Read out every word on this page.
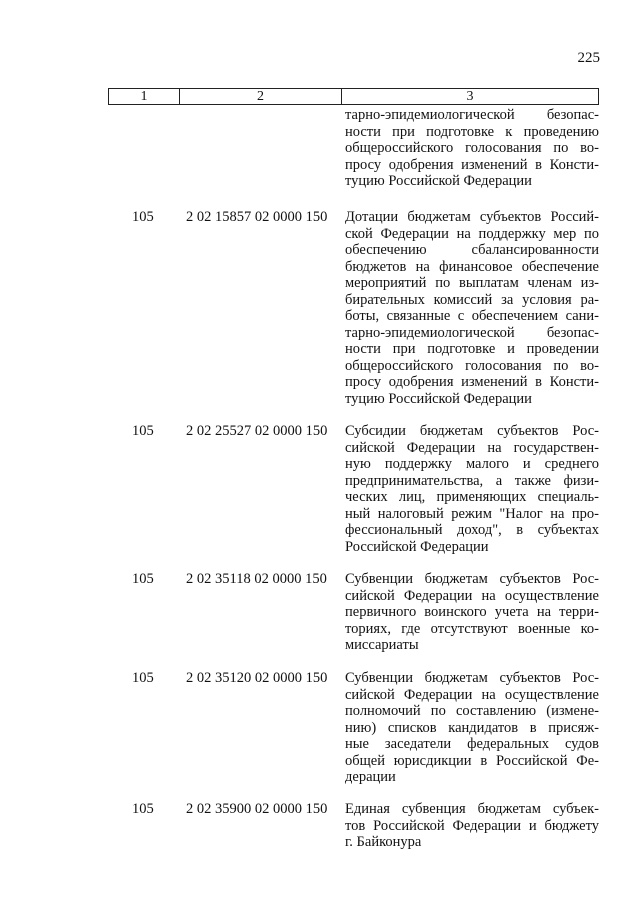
225
1	2	3
тарно-эпидемиологической безопас-
ности при подготовке к проведению
общероссийского голосования по во-
просу одобрения изменений в Консти-
туцию Российской Федерации
105 2 02 15857 02 0000 150 Дотации бюджетам субъектов Россий-
ской Федерации на поддержку мер по
обеспечению сбалансированности
бюджетов на финансовое обеспечение
мероприятий по выплатам членам из-
бирательных комиссий за условия ра-
боты, связанные с обеспечением сани-
тарно-эпидемиологической безопас-
ности при подготовке и проведении
общероссийского голосования по во-
просу одобрения изменений в Консти-
туцию Российской Федерации
105 2 02 25527 02 0000 150 Субсидии бюджетам субъектов Рос-
сийской Федерации на государствен-
ную поддержку малого и среднего
предпринимательства, а также физи-
ческих лиц, применяющих специаль-
ный налоговый режим "Налог на про-
фессиональный доход", в субъектах
Российской Федерации
105 2 02 35118 02 0000 150 Субвенции бюджетам субъектов Рос-
сийской Федерации на осуществление
первичного воинского учета на терри-
ториях, где отсутствуют военные ко-
миссариаты
105 2 02 35120 02 0000 150 Субвенции бюджетам субъектов Рос-
сийской Федерации на осуществление
полномочий по составлению (измене-
нию) списков кандидатов в присяж-
ные заседатели федеральных судов
общей юрисдикции в Российской Фе-
дерации
105 2 02 35900 02 0000 150 Единая субвенция бюджетам субъек-
тов Российской Федерации и бюджету
г. Байконура
